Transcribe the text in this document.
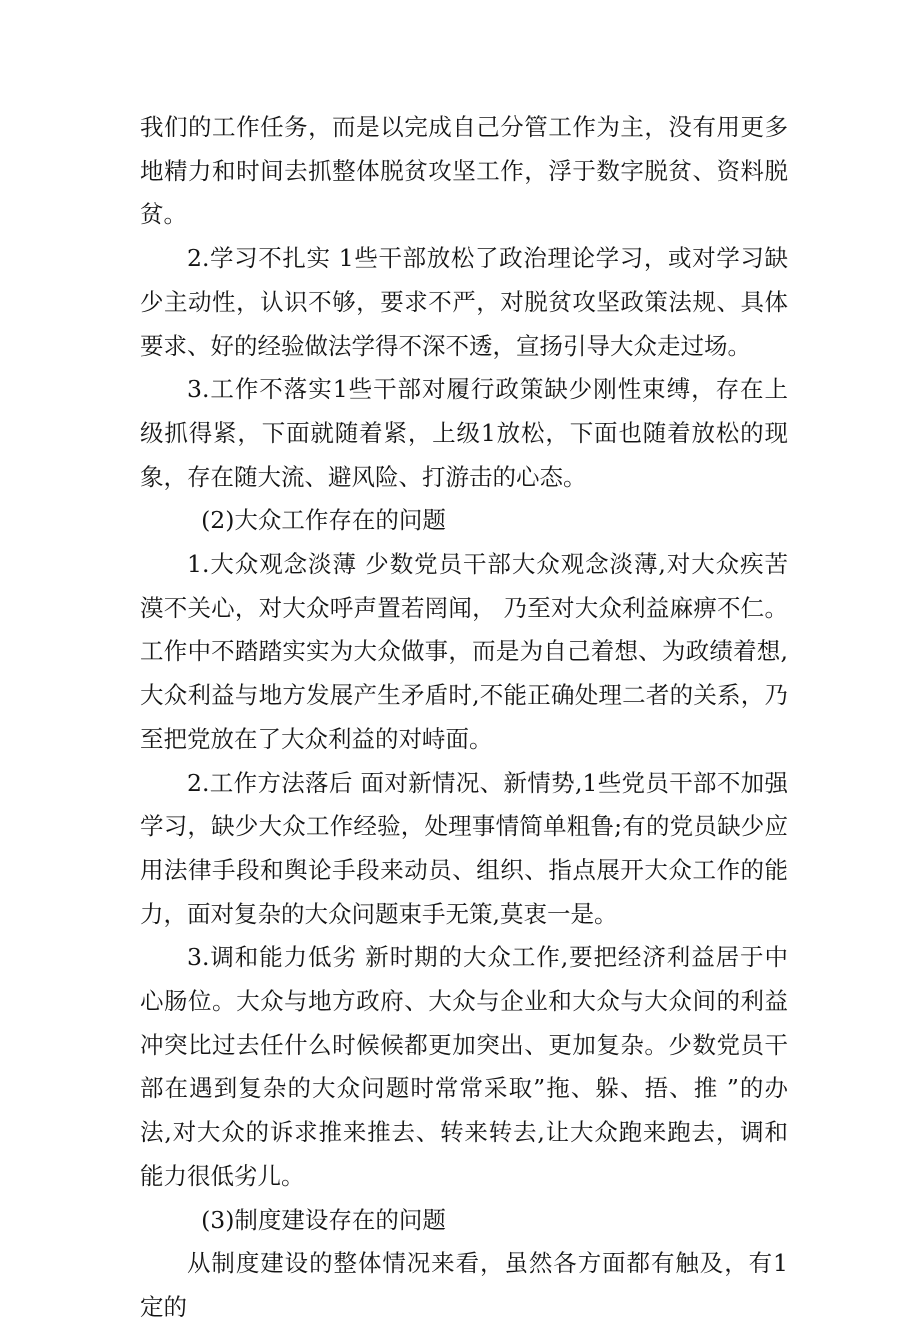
我们的工作任务，而是以完成自己分管工作为主，没有用更多地精力和时间去抓整体脱贫攻坚工作，浮于数字脱贫、资料脱贫。

2.学习不扎实 1些干部放松了政治理论学习，或对学习缺少主动性，认识不够，要求不严，对脱贫攻坚政策法规、具体要求、好的经验做法学得不深不透，宣扬引导大众走过场。

3.工作不落实1些干部对履行政策缺少刚性束缚，存在上级抓得紧，下面就随着紧，上级1放松，下面也随着放松的现象，存在随大流、避风险、打游击的心态。

(2)大众工作存在的问题

1.大众观念淡薄 少数党员干部大众观念淡薄,对大众疾苦漠不关心，对大众呼声置若罔闻， 乃至对大众利益麻痹不仁。工作中不踏踏实实为大众做事，而是为自己着想、为政绩着想,大众利益与地方发展产生矛盾时,不能正确处理二者的关系，乃至把党放在了大众利益的对峙面。

2.工作方法落后 面对新情况、新情势,1些党员干部不加强学习，缺少大众工作经验，处理事情简单粗鲁;有的党员缺少应用法律手段和舆论手段来动员、组织、指点展开大众工作的能力，面对复杂的大众问题束手无策,莫衷一是。

3.调和能力低劣 新时期的大众工作,要把经济利益居于中心肠位。大众与地方政府、大众与企业和大众与大众间的利益冲突比过去任什么时候候都更加突出、更加复杂。少数党员干部在遇到复杂的大众问题时常常采取”拖、躲、捂、推 ”的办法,对大众的诉求推来推去、转来转去,让大众跑来跑去，调和能力很低劣儿。

(3)制度建设存在的问题

从制度建设的整体情况来看，虽然各方面都有触及，有1定的
